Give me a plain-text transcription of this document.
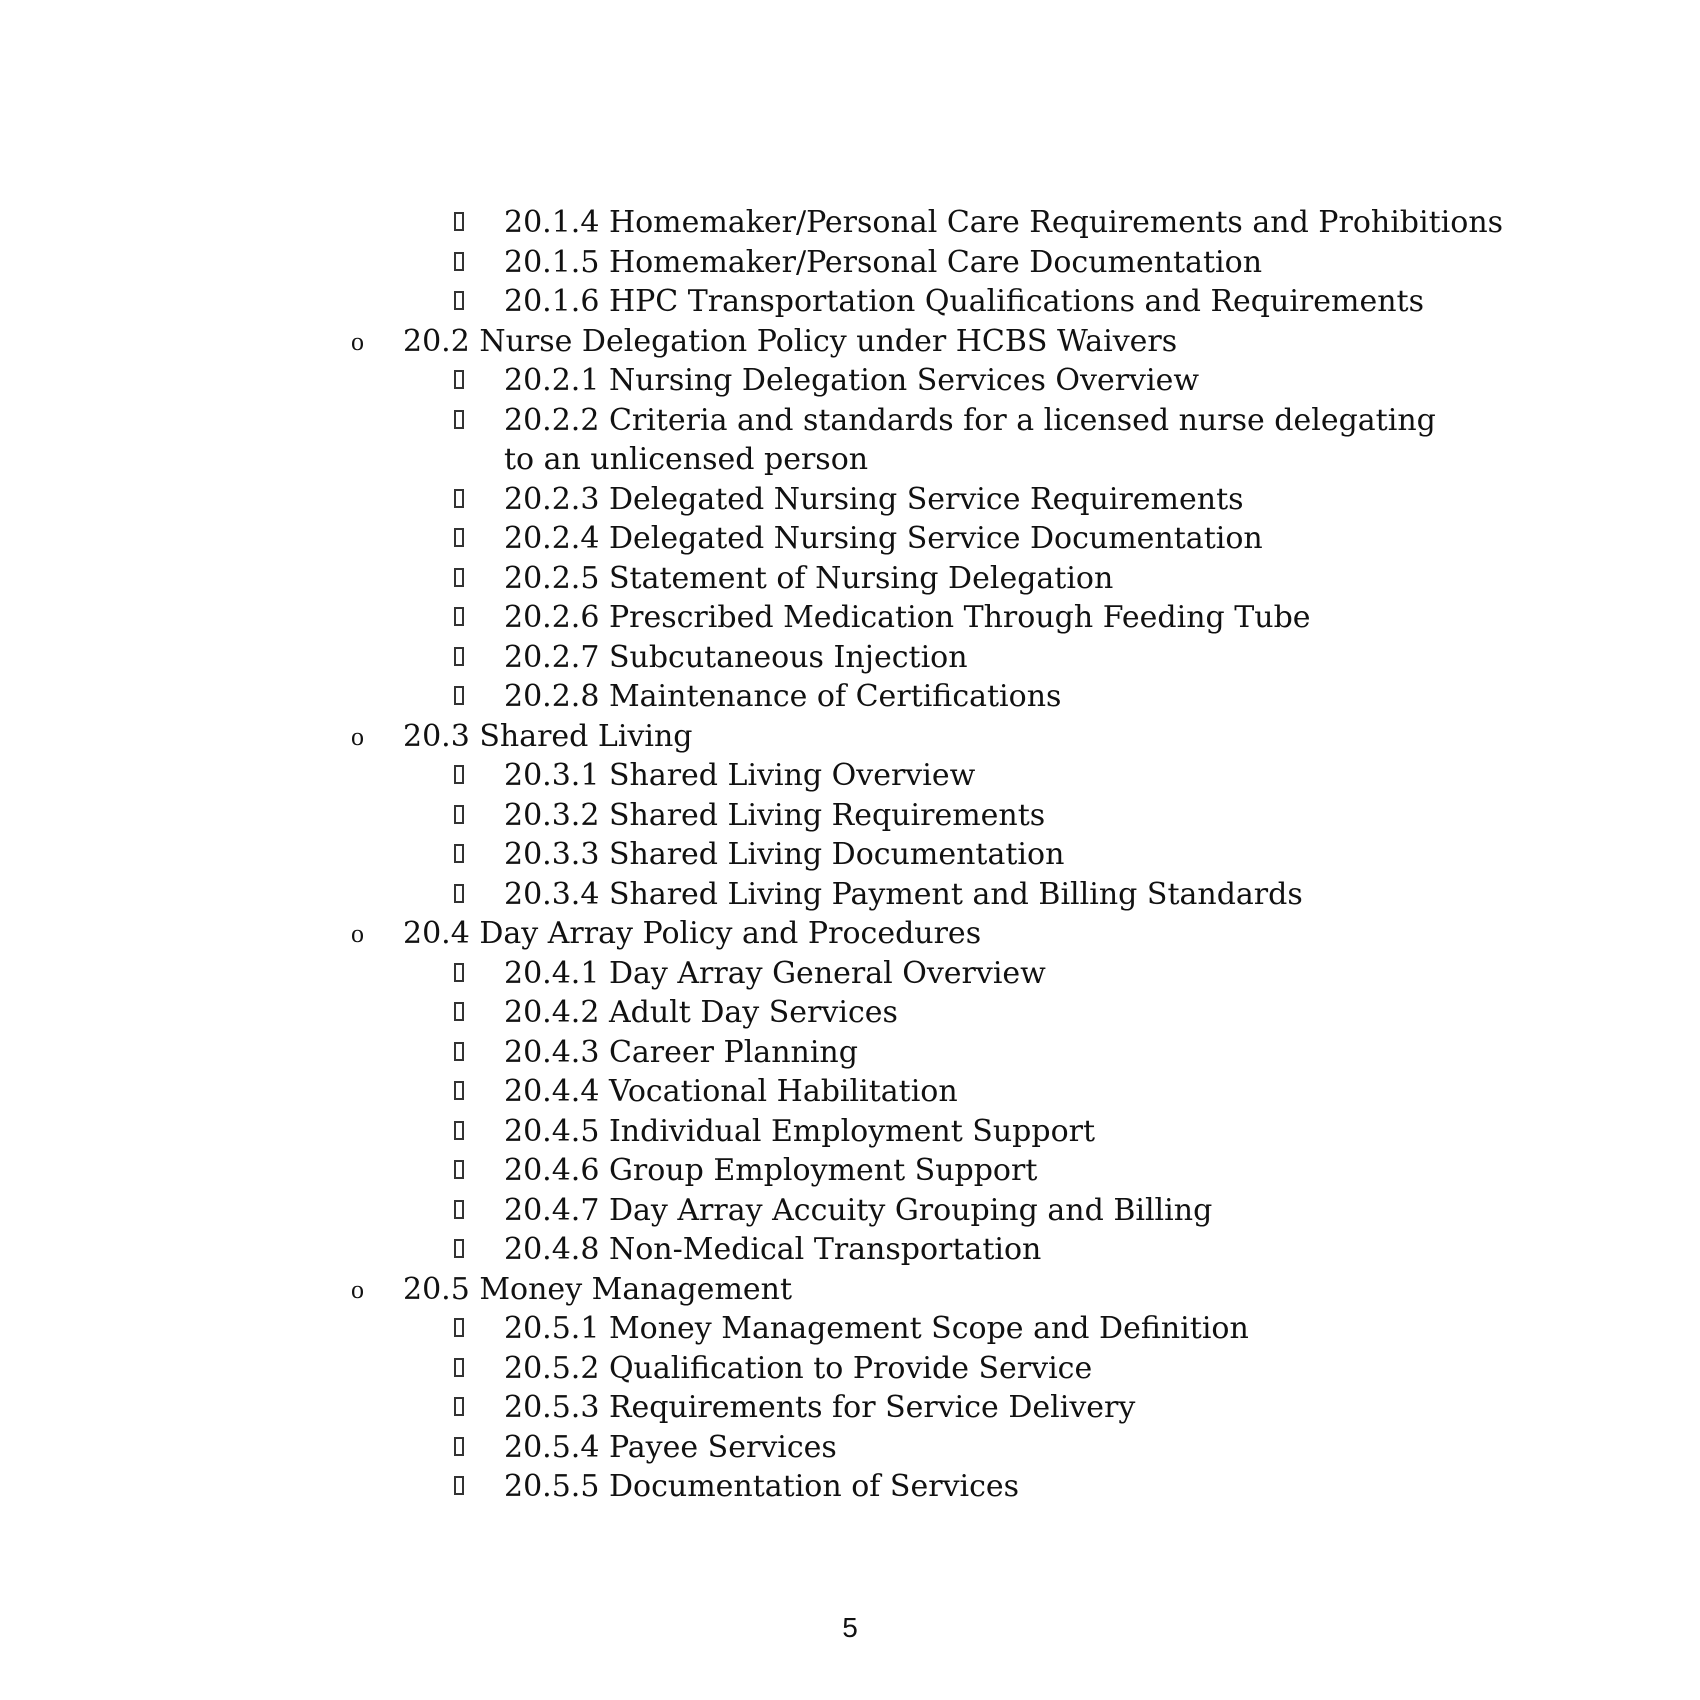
20.1.4 Homemaker/Personal Care Requirements and Prohibitions
20.1.5 Homemaker/Personal Care Documentation
20.1.6 HPC Transportation Qualifications and Requirements
o 20.2 Nurse Delegation Policy under HCBS Waivers
20.2.1 Nursing Delegation Services Overview
20.2.2 Criteria and standards for a licensed nurse delegating to an unlicensed person
20.2.3 Delegated Nursing Service Requirements
20.2.4 Delegated Nursing Service Documentation
20.2.5 Statement of Nursing Delegation
20.2.6 Prescribed Medication Through Feeding Tube
20.2.7 Subcutaneous Injection
20.2.8 Maintenance of Certifications
o 20.3 Shared Living
20.3.1 Shared Living Overview
20.3.2 Shared Living Requirements
20.3.3 Shared Living Documentation
20.3.4 Shared Living Payment and Billing Standards
o 20.4 Day Array Policy and Procedures
20.4.1 Day Array General Overview
20.4.2 Adult Day Services
20.4.3 Career Planning
20.4.4 Vocational Habilitation
20.4.5 Individual Employment Support
20.4.6 Group Employment Support
20.4.7 Day Array Accuity Grouping and Billing
20.4.8 Non-Medical Transportation
o 20.5 Money Management
20.5.1 Money Management Scope and Definition
20.5.2 Qualification to Provide Service
20.5.3 Requirements for Service Delivery
20.5.4 Payee Services
20.5.5 Documentation of Services
5
